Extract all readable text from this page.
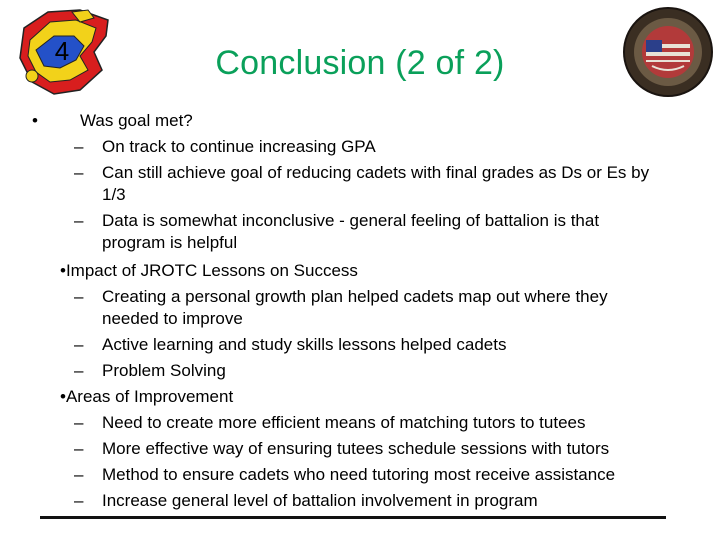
4	Conclusion (2 of 2)
• Was goal met?
– On track to continue increasing GPA
– Can still achieve goal of reducing cadets with final grades as Ds or Es by
1/3
– Data is somewhat inconclusive - general feeling of battalion is that
program is helpful
•Impact of JROTC Lessons on Success
– Creating a personal growth plan helped cadets map out where they
needed to improve
– Active learning and study skills lessons helped cadets
– Problem Solving
•Areas of Improvement
– Need to create more efficient means of matching tutors to tutees
– More effective way of ensuring tutees schedule sessions with tutors
– Method to ensure cadets who need tutoring most receive assistance
– Increase general level of battalion involvement in program
